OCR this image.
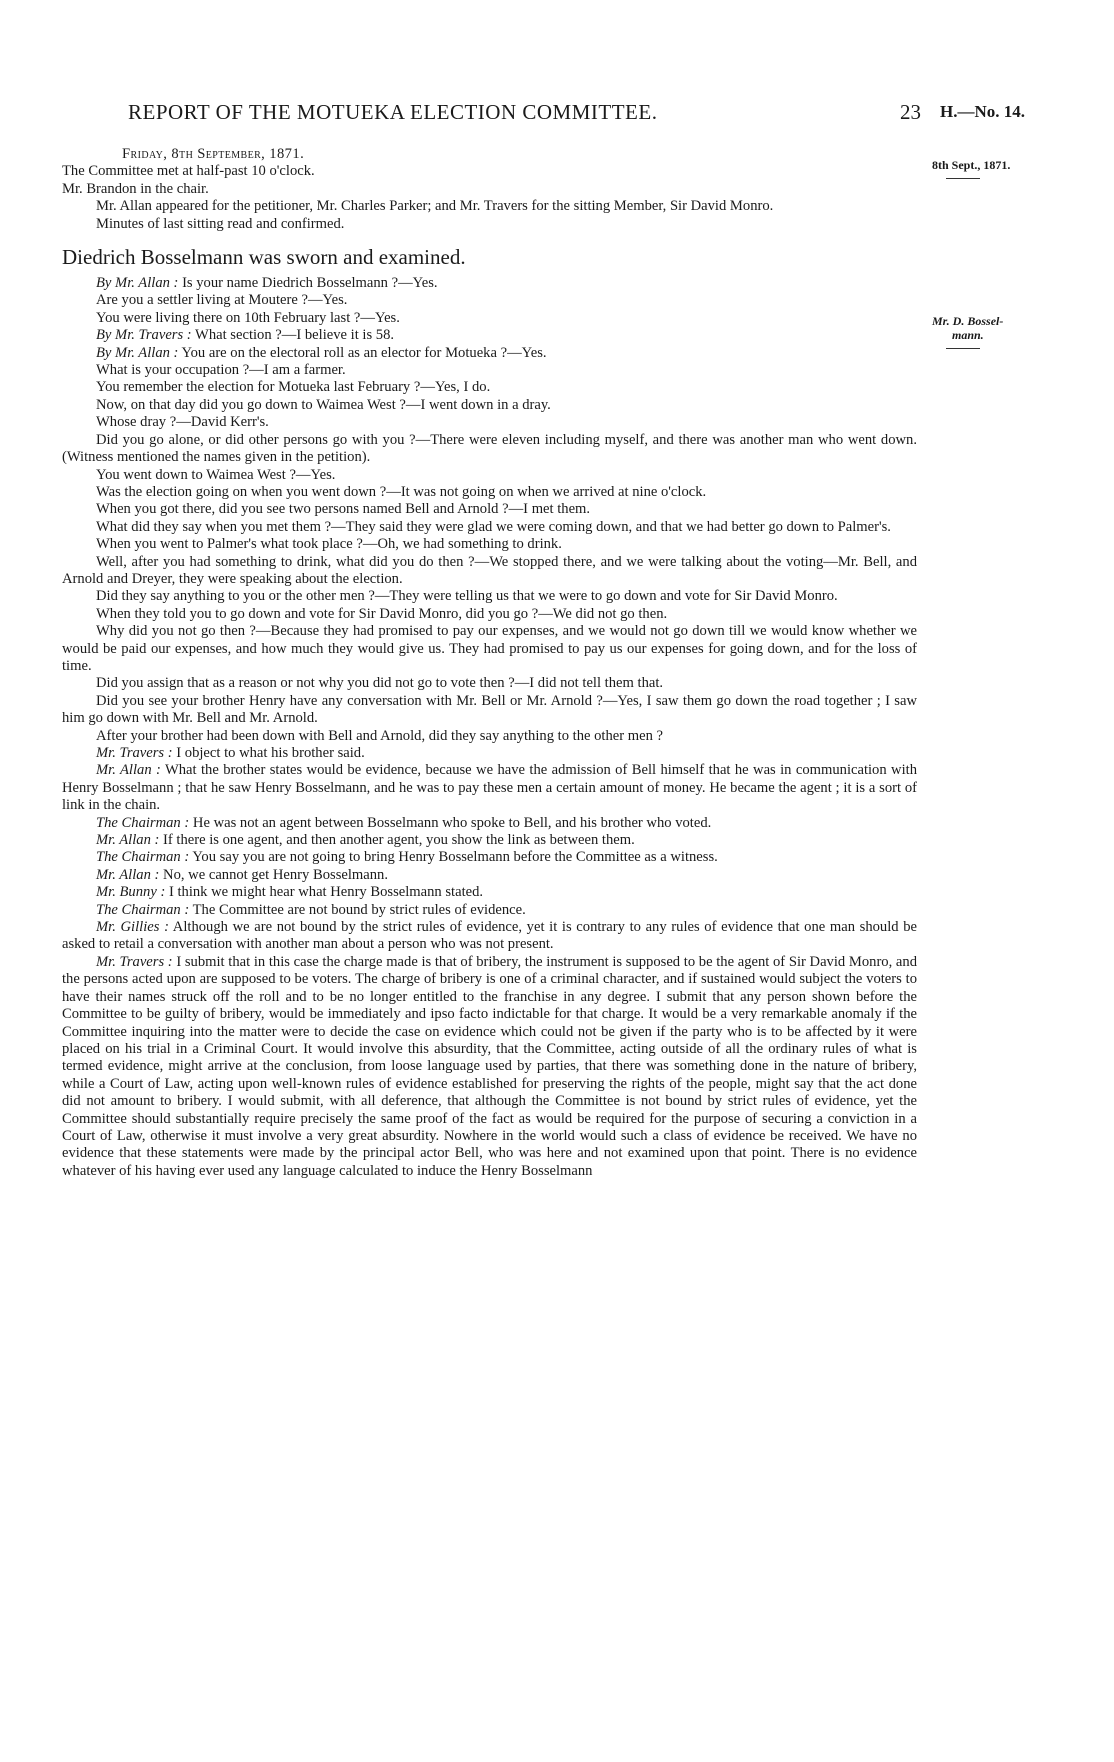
REPORT OF THE MOTUEKA ELECTION COMMITTEE.	23 H.—No. 14.
8th Sept., 1871.
Mr. D. Bossel-
mann.

Friday, 8th September, 1871.

The Committee met at half-past 10 o'clock.

Mr. Brandon in the chair.

Mr. Allan appeared for the petitioner, Mr. Charles Parker; and Mr. Travers for the sitting Member, Sir David Monro.

Minutes of last sitting read and confirmed.

Diedrich Bosselmann was sworn and examined.

By Mr. Allan : Is your name Diedrich Bosselmann ?—Yes.

Are you a settler living at Moutere ?—Yes.

You were living there on 10th February last ?—Yes.

By Mr. Travers : What section ?—I believe it is 58.

By Mr. Allan : You are on the electoral roll as an elector for Motueka ?—Yes.

What is your occupation ?—I am a farmer.

You remember the election for Motueka last February ?—Yes, I do.

Now, on that day did you go down to Waimea West ?—I went down in a dray.

Whose dray ?—David Kerr's.

Did you go alone, or did other persons go with you ?—There were eleven including myself, and there was another man who went down. (Witness mentioned the names given in the petition).

You went down to Waimea West ?—Yes.

Was the election going on when you went down ?—It was not going on when we arrived at nine o'clock.

When you got there, did you see two persons named Bell and Arnold ?—I met them.

What did they say when you met them ?—They said they were glad we were coming down, and that we had better go down to Palmer's.

When you went to Palmer's what took place ?—Oh, we had something to drink.

Well, after you had something to drink, what did you do then ?—We stopped there, and we were talking about the voting—Mr. Bell, and Arnold and Dreyer, they were speaking about the election.

Did they say anything to you or the other men ?—They were telling us that we were to go down and vote for Sir David Monro.

When they told you to go down and vote for Sir David Monro, did you go ?—We did not go then.

Why did you not go then ?—Because they had promised to pay our expenses, and we would not go down till we would know whether we would be paid our expenses, and how much they would give us. They had promised to pay us our expenses for going down, and for the loss of time.

Did you assign that as a reason or not why you did not go to vote then ?—I did not tell them that.

Did you see your brother Henry have any conversation with Mr. Bell or Mr. Arnold ?—Yes, I saw them go down the road together ; I saw him go down with Mr. Bell and Mr. Arnold.

After your brother had been down with Bell and Arnold, did they say anything to the other men ?

Mr. Travers : I object to what his brother said.

Mr. Allan : What the brother states would be evidence, because we have the admission of Bell himself that he was in communication with Henry Bosselmann ; that he saw Henry Bosselmann, and he was to pay these men a certain amount of money. He became the agent ; it is a sort of link in the chain.

The Chairman : He was not an agent between Bosselmann who spoke to Bell, and his brother who voted.

Mr. Allan : If there is one agent, and then another agent, you show the link as between them.

The Chairman : You say you are not going to bring Henry Bosselmann before the Committee as a witness.

Mr. Allan : No, we cannot get Henry Bosselmann.

Mr. Bunny : I think we might hear what Henry Bosselmann stated.

The Chairman : The Committee are not bound by strict rules of evidence.

Mr. Gillies : Although we are not bound by the strict rules of evidence, yet it is contrary to any rules of evidence that one man should be asked to retail a conversation with another man about a person who was not present.

Mr. Travers : I submit that in this case the charge made is that of bribery, the instrument is supposed to be the agent of Sir David Monro, and the persons acted upon are supposed to be voters. The charge of bribery is one of a criminal character, and if sustained would subject the voters to have their names struck off the roll and to be no longer entitled to the franchise in any degree. I submit that any person shown before the Committee to be guilty of bribery, would be immediately and ipso facto indictable for that charge. It would be a very remarkable anomaly if the Committee inquiring into the matter were to decide the case on evidence which could not be given if the party who is to be affected by it were placed on his trial in a Criminal Court. It would involve this absurdity, that the Committee, acting outside of all the ordinary rules of what is termed evidence, might arrive at the conclusion, from loose language used by parties, that there was something done in the nature of bribery, while a Court of Law, acting upon well-known rules of evidence established for preserving the rights of the people, might say that the act done did not amount to bribery. I would submit, with all deference, that although the Committee is not bound by strict rules of evidence, yet the Committee should substantially require precisely the same proof of the fact as would be required for the purpose of securing a conviction in a Court of Law, otherwise it must involve a very great absurdity. Nowhere in the world would such a class of evidence be received. We have no evidence that these statements were made by the principal actor Bell, who was here and not examined upon that point. There is no evidence whatever of his having ever used any language calculated to induce the Henry Bosselmann
